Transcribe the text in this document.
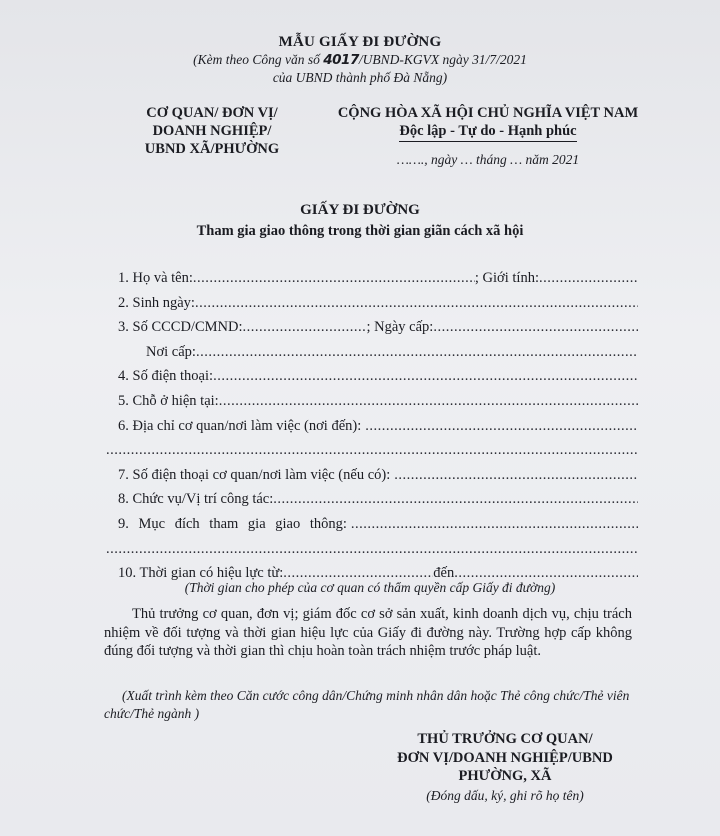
MẪU GIẤY ĐI ĐƯỜNG
(Kèm theo Công văn số 4017/UBND-KGVX ngày 31/7/2021
của UBND thành phố Đà Nẵng)
CƠ QUAN/ ĐƠN VỊ/
DOANH NGHIỆP/
UBND XÃ/PHƯỜNG
CỘNG HÒA XÃ HỘI CHỦ NGHĨA VIỆT NAM
Độc lập - Tự do - Hạnh phúc
……., ngày … tháng … năm 2021
GIẤY ĐI ĐƯỜNG
Tham gia giao thông trong thời gian giãn cách xã hội
1. Họ và tên: .....	; Giới tính:
.....
2. Sinh ngày:
.....
3. Số CCCD/CMND: .....	; Ngày cấp:
.....
Nơi cấp:
.....
4. Số điện thoại:
.....
5. Chỗ ở hiện tại:
.....
6. Địa chỉ cơ quan/nơi làm việc (nơi đến):
.....
.....
7. Số điện thoại cơ quan/nơi làm việc (nếu có):
.....
8. Chức vụ/Vị trí công tác:
.....
9. Mục đích tham gia giao thông:
.....
.....
10. Thời gian có hiệu lực từ: .....	đến
.....
(Thời gian cho phép của cơ quan có thẩm quyền cấp Giấy đi đường)
Thủ trưởng cơ quan, đơn vị; giám đốc cơ sở sản xuất, kinh doanh dịch vụ, chịu trách nhiệm về đối tượng và thời gian hiệu lực của Giấy đi đường này. Trường hợp cấp không đúng đối tượng và thời gian thì chịu hoàn toàn trách nhiệm trước pháp luật.
(Xuất trình kèm theo Căn cước công dân/Chứng minh nhân dân hoặc Thẻ công chức/Thẻ viên chức/Thẻ ngành )
THỦ TRƯỞNG CƠ QUAN/
ĐƠN VỊ/DOANH NGHIỆP/UBND
PHƯỜNG, XÃ
(Đóng dấu, ký, ghi rõ họ tên)
